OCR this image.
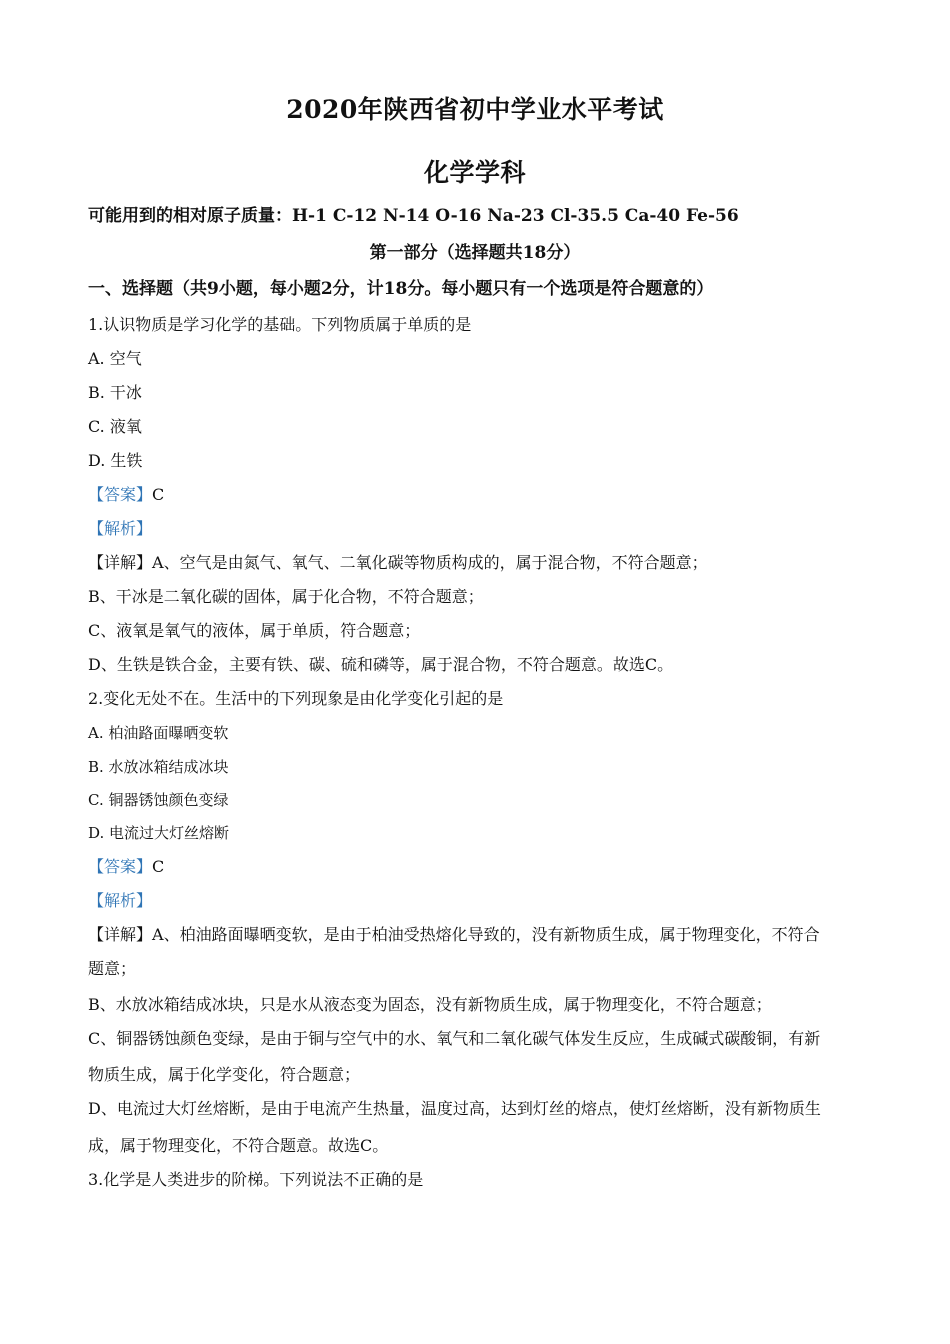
2020年陕西省初中学业水平考试
化学学科
可能用到的相对原子质量：H-1 C-12 N-14 O-16 Na-23 Cl-35.5 Ca-40 Fe-56
第一部分（选择题共18分）
一、选择题（共9小题，每小题2分，计18分。每小题只有一个选项是符合题意的）
1.认识物质是学习化学的基础。下列物质属于单质的是
A. 空气
B. 干冰
C. 液氧
D. 生铁
【答案】C
【解析】
【详解】A、空气是由氮气、氧气、二氧化碳等物质构成的，属于混合物，不符合题意；
B、干冰是二氧化碳的固体，属于化合物，不符合题意；
C、液氧是氧气的液体，属于单质，符合题意；
D、生铁是铁合金，主要有铁、碳、硫和磷等，属于混合物，不符合题意。故选C。
2.变化无处不在。生活中的下列现象是由化学变化引起的是
A. 柏油路面曝晒变软
B. 水放冰箱结成冰块
C. 铜器锈蚀颜色变绿
D. 电流过大灯丝熔断
【答案】C
【解析】
【详解】A、柏油路面曝晒变软，是由于柏油受热熔化导致的，没有新物质生成，属于物理变化，不符合
题意；
B、水放冰箱结成冰块，只是水从液态变为固态，没有新物质生成，属于物理变化，不符合题意；
C、铜器锈蚀颜色变绿，是由于铜与空气中的水、氧气和二氧化碳气体发生反应，生成碱式碳酸铜，有新
物质生成，属于化学变化，符合题意；
D、电流过大灯丝熔断，是由于电流产生热量，温度过高，达到灯丝的熔点，使灯丝熔断，没有新物质生
成，属于物理变化，不符合题意。故选C。
3.化学是人类进步的阶梯。下列说法不正确的是
